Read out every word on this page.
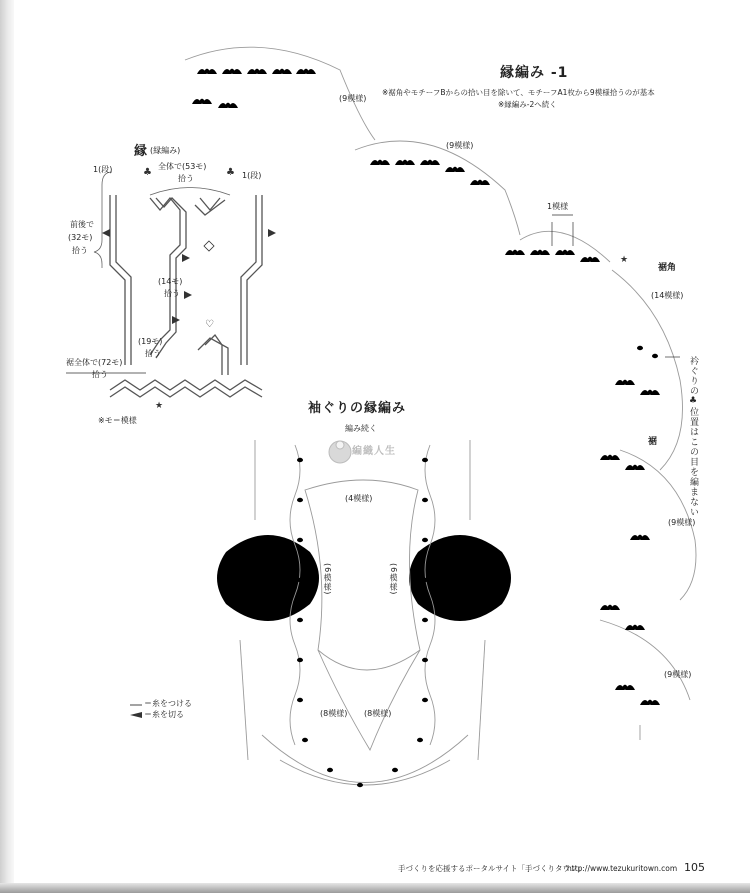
♡
♣	♣
★
★
縁編み -1
※裾角やモチーフBからの拾い目を除いて、モチーフA1枚から9模様拾うのが基本
※縁編み-2へ続く
(9模様)
(9模様)
1模様
裾角
(14模様)
衿ぐりの♣位置はこの目を編まない
裾
(9模様)
(9模様)
縁 (縁編み)
1(段)
1(段)
全体で(53モ)
拾う
前後で
(32モ)
拾う
(14モ)
拾う
(19モ)
拾う
裾全体で(72モ)
拾う
※モ＝模様
袖ぐりの縁編み
編み続く
(4模様)
(6模様)	(6模様)
(8模様) (8模様)
編織人生
＝糸をつける
＝糸を切る
手づくりを応援するポータルサイト「手づくりタウン」
http://www.tezukuritown.com 105
